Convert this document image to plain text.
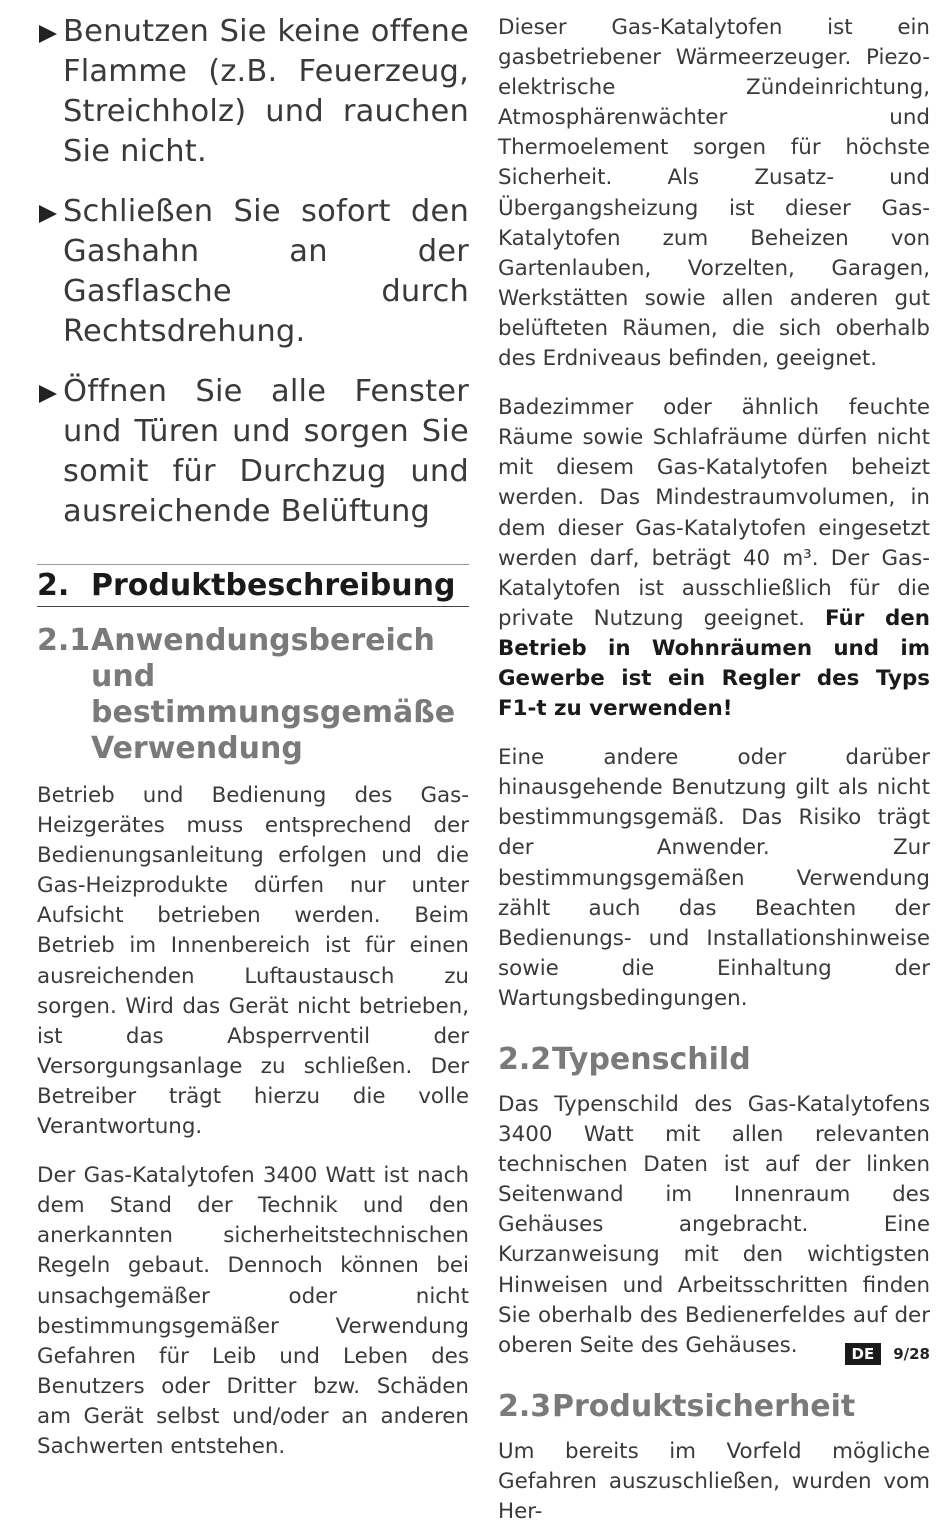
Benutzen Sie keine offene Flamme (z.B. Feuerzeug, Streichholz) und rauchen Sie nicht.
Schließen Sie sofort den Gashahn an der Gasflasche durch Rechtsdrehung.
Öffnen Sie alle Fenster und Türen und sorgen Sie somit für Durchzug und ausreichende Belüftung
2. Produktbeschreibung
2.1 Anwendungsbereich und bestimmungsgemäße Verwendung
Betrieb und Bedienung des Gas-Heizgerätes muss entsprechend der Bedienungsanleitung erfolgen und die Gas-Heizprodukte dürfen nur unter Aufsicht betrieben werden. Beim Betrieb im Innenbereich ist für einen ausreichenden Luftaustausch zu sorgen. Wird das Gerät nicht betrieben, ist das Absperrventil der Versorgungsanlage zu schließen. Der Betreiber trägt hierzu die volle Verantwortung.
Der Gas-Katalytofen 3400 Watt ist nach dem Stand der Technik und den anerkannten sicherheitstechnischen Regeln gebaut. Dennoch können bei unsachgemäßer oder nicht bestimmungsgemäßer Verwendung Gefahren für Leib und Leben des Benutzers oder Dritter bzw. Schäden am Gerät selbst und/oder an anderen Sachwerten entstehen.
Dieser Gas-Katalytofen ist ein gasbetriebener Wärmeerzeuger. Piezo-elektrische Zündeinrichtung, Atmosphärenwächter und Thermoelement sorgen für höchste Sicherheit. Als Zusatz- und Übergangsheizung ist dieser Gas-Katalytofen zum Beheizen von Gartenlauben, Vorzelten, Garagen, Werkstätten sowie allen anderen gut belüfteten Räumen, die sich oberhalb des Erdniveaus befinden, geeignet.
Badezimmer oder ähnlich feuchte Räume sowie Schlafräume dürfen nicht mit diesem Gas-Katalytofen beheizt werden. Das Mindestraumvolumen, in dem dieser Gas-Katalytofen eingesetzt werden darf, beträgt 40 m³. Der Gas-Katalytofen ist ausschließlich für die private Nutzung geeignet. Für den Betrieb in Wohnräumen und im Gewerbe ist ein Regler des Typs F1-t zu verwenden!
Eine andere oder darüber hinausgehende Benutzung gilt als nicht bestimmungsgemäß. Das Risiko trägt der Anwender. Zur bestimmungsgemäßen Verwendung zählt auch das Beachten der Bedienungs- und Installationshinweise sowie die Einhaltung der Wartungsbedingungen.
2.2 Typenschild
Das Typenschild des Gas-Katalytofens 3400 Watt mit allen relevanten technischen Daten ist auf der linken Seitenwand im Innenraum des Gehäuses angebracht. Eine Kurzanweisung mit den wichtigsten Hinweisen und Arbeitsschritten finden Sie oberhalb des Bedienerfeldes auf der oberen Seite des Gehäuses.
2.3 Produktsicherheit
Um bereits im Vorfeld mögliche Gefahren auszuschließen, wurden vom Her-
DE	9/28
